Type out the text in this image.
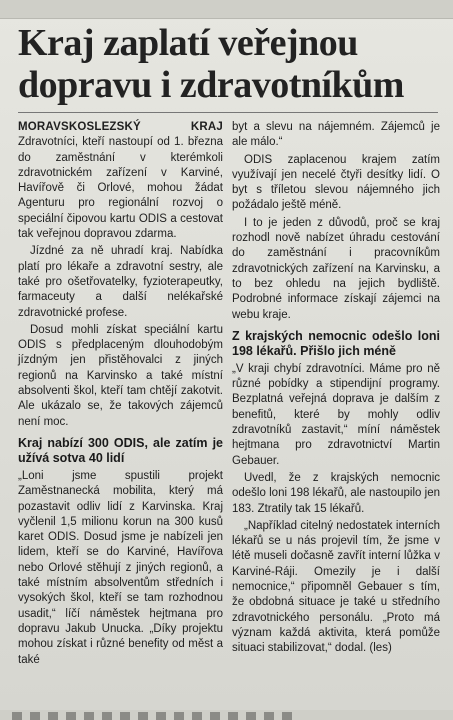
Kraj zaplatí veřejnou
dopravu i zdravotníkům

MORAVSKOSLEZSKÝ KRAJ Zdravotníci, kteří nastoupí od 1. března do zaměstnání v kterémkoli zdravotnickém zařízení v Karviné, Havířově či Orlové, mohou žádat Agenturu pro regionální rozvoj o speciální čipovou kartu ODIS a cestovat tak veřejnou dopravou zdarma.

Jízdné za ně uhradí kraj. Nabídka platí pro lékaře a zdravotní sestry, ale také pro ošetřovatelky, fyzioterapeutky, farmaceuty a další nelékařské zdravotnické profese.

Dosud mohli získat speciální kartu ODIS s předplaceným dlouhodobým jízdným jen přistěhovalci z jiných regionů na Karvinsko a také místní absolventi škol, kteří tam chtějí zakotvit. Ale ukázalo se, že takových zájemců není moc.

Kraj nabízí 300 ODIS, ale zatím je užívá sotva 40 lidí

„Loni jsme spustili projekt Zaměstnanecká mobilita, který má pozastavit odliv lidí z Karvinska. Kraj vyčlenil 1,5 milionu korun na 300 kusů karet ODIS. Dosud jsme je nabízeli jen lidem, kteří se do Karviné, Havířova nebo Orlové stěhují z jiných regionů, a také místním absolventům středních i vysokých škol, kteří se tam rozhodnou usadit,“ líčí náměstek hejtmana pro dopravu Jakub Unucka. „Díky projektu mohou získat i různé benefity od měst a také

byt a slevu na nájemném. Zájemců je ale málo.“

ODIS zaplacenou krajem zatím využívají jen necelé čtyři desítky lidí. O byt s tříletou slevou nájemného jich požádalo ještě méně.

I to je jeden z důvodů, proč se kraj rozhodl nově nabízet úhradu cestování do zaměstnání i pracovníkům zdravotnických zařízení na Karvinsku, a to bez ohledu na jejich bydliště. Podrobné informace získají zájemci na webu kraje.

Z krajských nemocnic odešlo loni 198 lékařů. Přišlo jich méně

„V kraji chybí zdravotníci. Máme pro ně různé pobídky a stipendijní programy. Bezplatná veřejná doprava je dalším z benefitů, které by mohly odliv zdravotníků zastavit,“ míní náměstek hejtmana pro zdravotnictví Martin Gebauer.

Uvedl, že z krajských nemocnic odešlo loni 198 lékařů, ale nastoupilo jen 183. Ztratily tak 15 lékařů.

„Například citelný nedostatek interních lékařů se u nás projevil tím, že jsme v létě museli dočasně zavřít interní lůžka v Karviné-Ráji. Omezily je i další nemocnice,“ připomněl Gebauer s tím, že obdobná situace je také u středního zdravotnického personálu. „Proto má význam každá aktivita, která pomůže situaci stabilizovat,“ dodal. (les)
